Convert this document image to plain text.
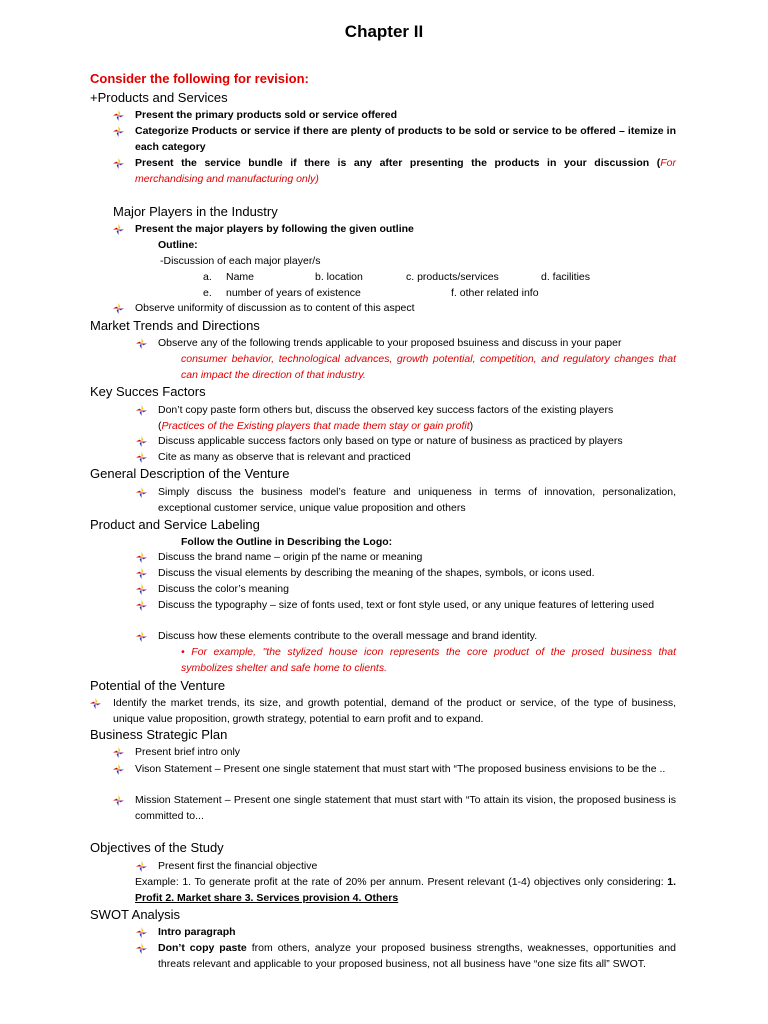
Chapter II
Consider the following for revision:
+Products and Services
Present the primary products sold or service offered
Categorize Products or service if there are plenty of products to be sold or service to be offered – itemize in each category
Present the service bundle if there is any after presenting the products in your discussion (For merchandising and manufacturing only)
Major Players in the Industry
Present the major players by following the given outline
Outline:
-Discussion of each major player/s
a. Name	b. location	c. products/services	d. facilities
e. number of years of existence	f. other related info
Observe uniformity of discussion as to content of this aspect
Market Trends and Directions
Observe any of the following trends applicable to your proposed bsuiness and discuss in your paper
consumer behavior, technological advances, growth potential, competition, and regulatory changes that can impact the direction of that industry.
Key Succes Factors
Don’t copy paste form others but, discuss the observed key success factors of the existing players
(Practices of the Existing players that made them stay or gain profit)
Discuss applicable success factors only based on type or nature of business as practiced by players
Cite as many as observe that is relevant and practiced
General Description of the Venture
Simply discuss the business model’s feature and uniqueness in terms of innovation, personalization, exceptional customer service, unique value proposition and others
Product and Service Labeling
Follow the Outline in Describing the Logo:
Discuss the brand name – origin pf the name or meaning
Discuss the visual elements by describing the meaning of the shapes, symbols, or icons used.
Discuss the color’s meaning
Discuss the typography – size of fonts used, text or font style used, or any unique features of lettering used
Discuss how these elements contribute to the overall message and brand identity.
• For example, "the stylized house icon represents the core product of the prosed business that symbolizes shelter and safe home to clients.
Potential of the Venture
Identify the market trends, its size, and growth potential, demand of the product or service, of the type of business, unique value proposition, growth strategy, potential to earn profit and to expand.
Business Strategic Plan
Present brief intro only
Vison Statement – Present one single statement that must start with “The proposed business envisions to be the ..
Mission Statement – Present one single statement that must start with “To attain its vision, the proposed business is committed to...
Objectives of the Study
Present first the financial objective
Example: 1. To generate profit at the rate of 20% per annum. Present relevant (1-4) objectives only considering: 1. Profit 2. Market share 3. Services provision 4. Others
SWOT Analysis
Intro paragraph
Don’t copy paste from others, analyze your proposed business strengths, weaknesses, opportunities and threats relevant and applicable to your proposed business, not all business have “one size fits all” SWOT.
